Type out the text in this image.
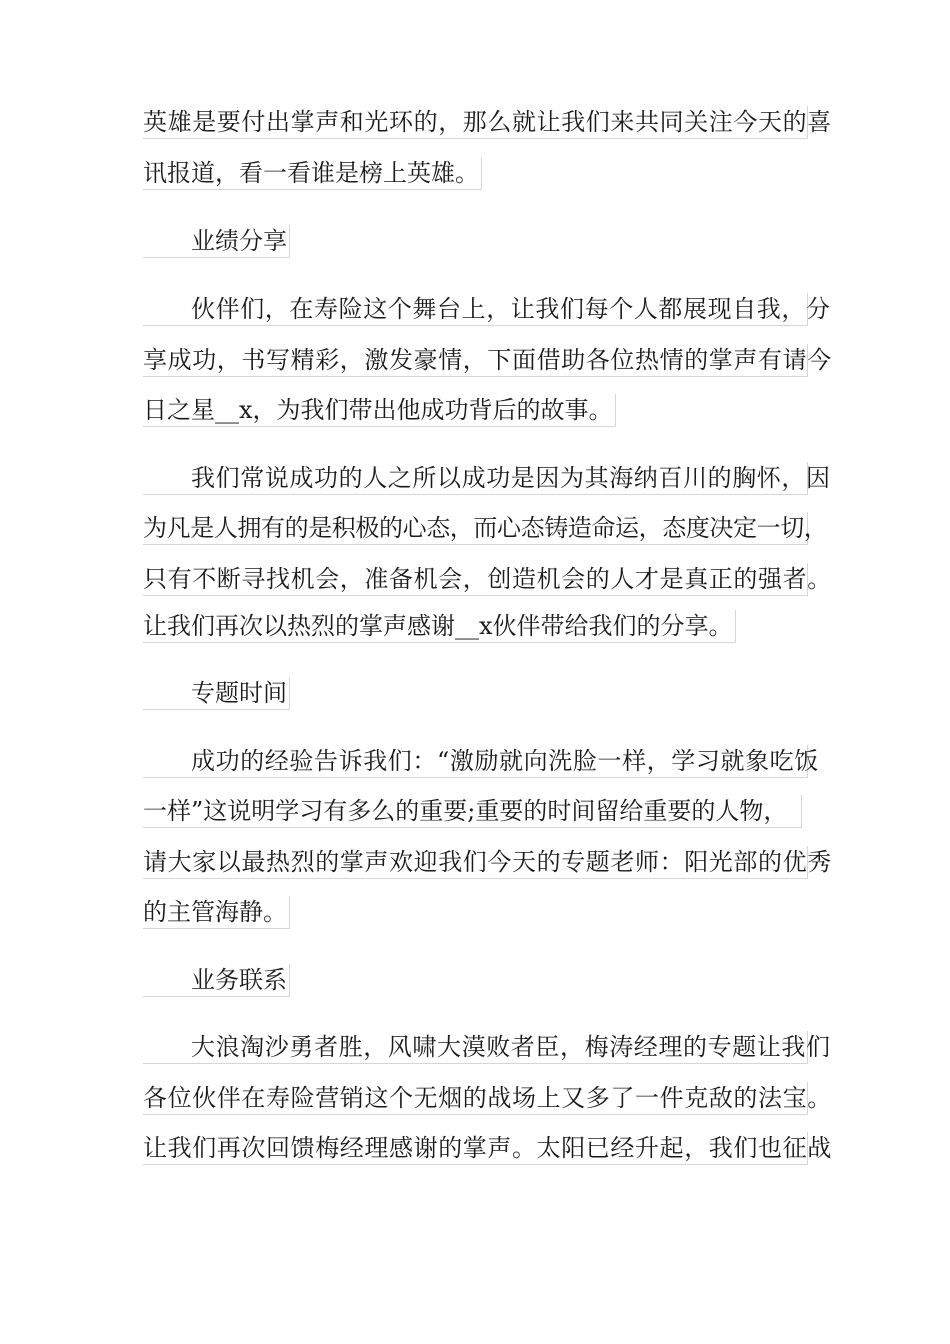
英雄是要付出掌声和光环的，那么就让我们来共同关注今天的喜
讯报道，看一看谁是榜上英雄。
业绩分享
伙伴们，在寿险这个舞台上，让我们每个人都展现自我，分
享成功，书写精彩，激发豪情，下面借助各位热情的掌声有请今
日之星__x，为我们带出他成功背后的故事。
我们常说成功的人之所以成功是因为其海纳百川的胸怀，因
为凡是人拥有的是积极的心态，而心态铸造命运，态度决定一切，
只有不断寻找机会，准备机会，创造机会的人才是真正的强者。
让我们再次以热烈的掌声感谢__x伙伴带给我们的分享。
专题时间
成功的经验告诉我们：“激励就向洗脸一样，学习就象吃饭
一样”这说明学习有多么的重要;重要的时间留给重要的人物，
请大家以最热烈的掌声欢迎我们今天的专题老师：阳光部的优秀
的主管海静。
业务联系
大浪淘沙勇者胜，风啸大漠败者臣，梅涛经理的专题让我们
各位伙伴在寿险营销这个无烟的战场上又多了一件克敌的法宝。
让我们再次回馈梅经理感谢的掌声。太阳已经升起，我们也征战
